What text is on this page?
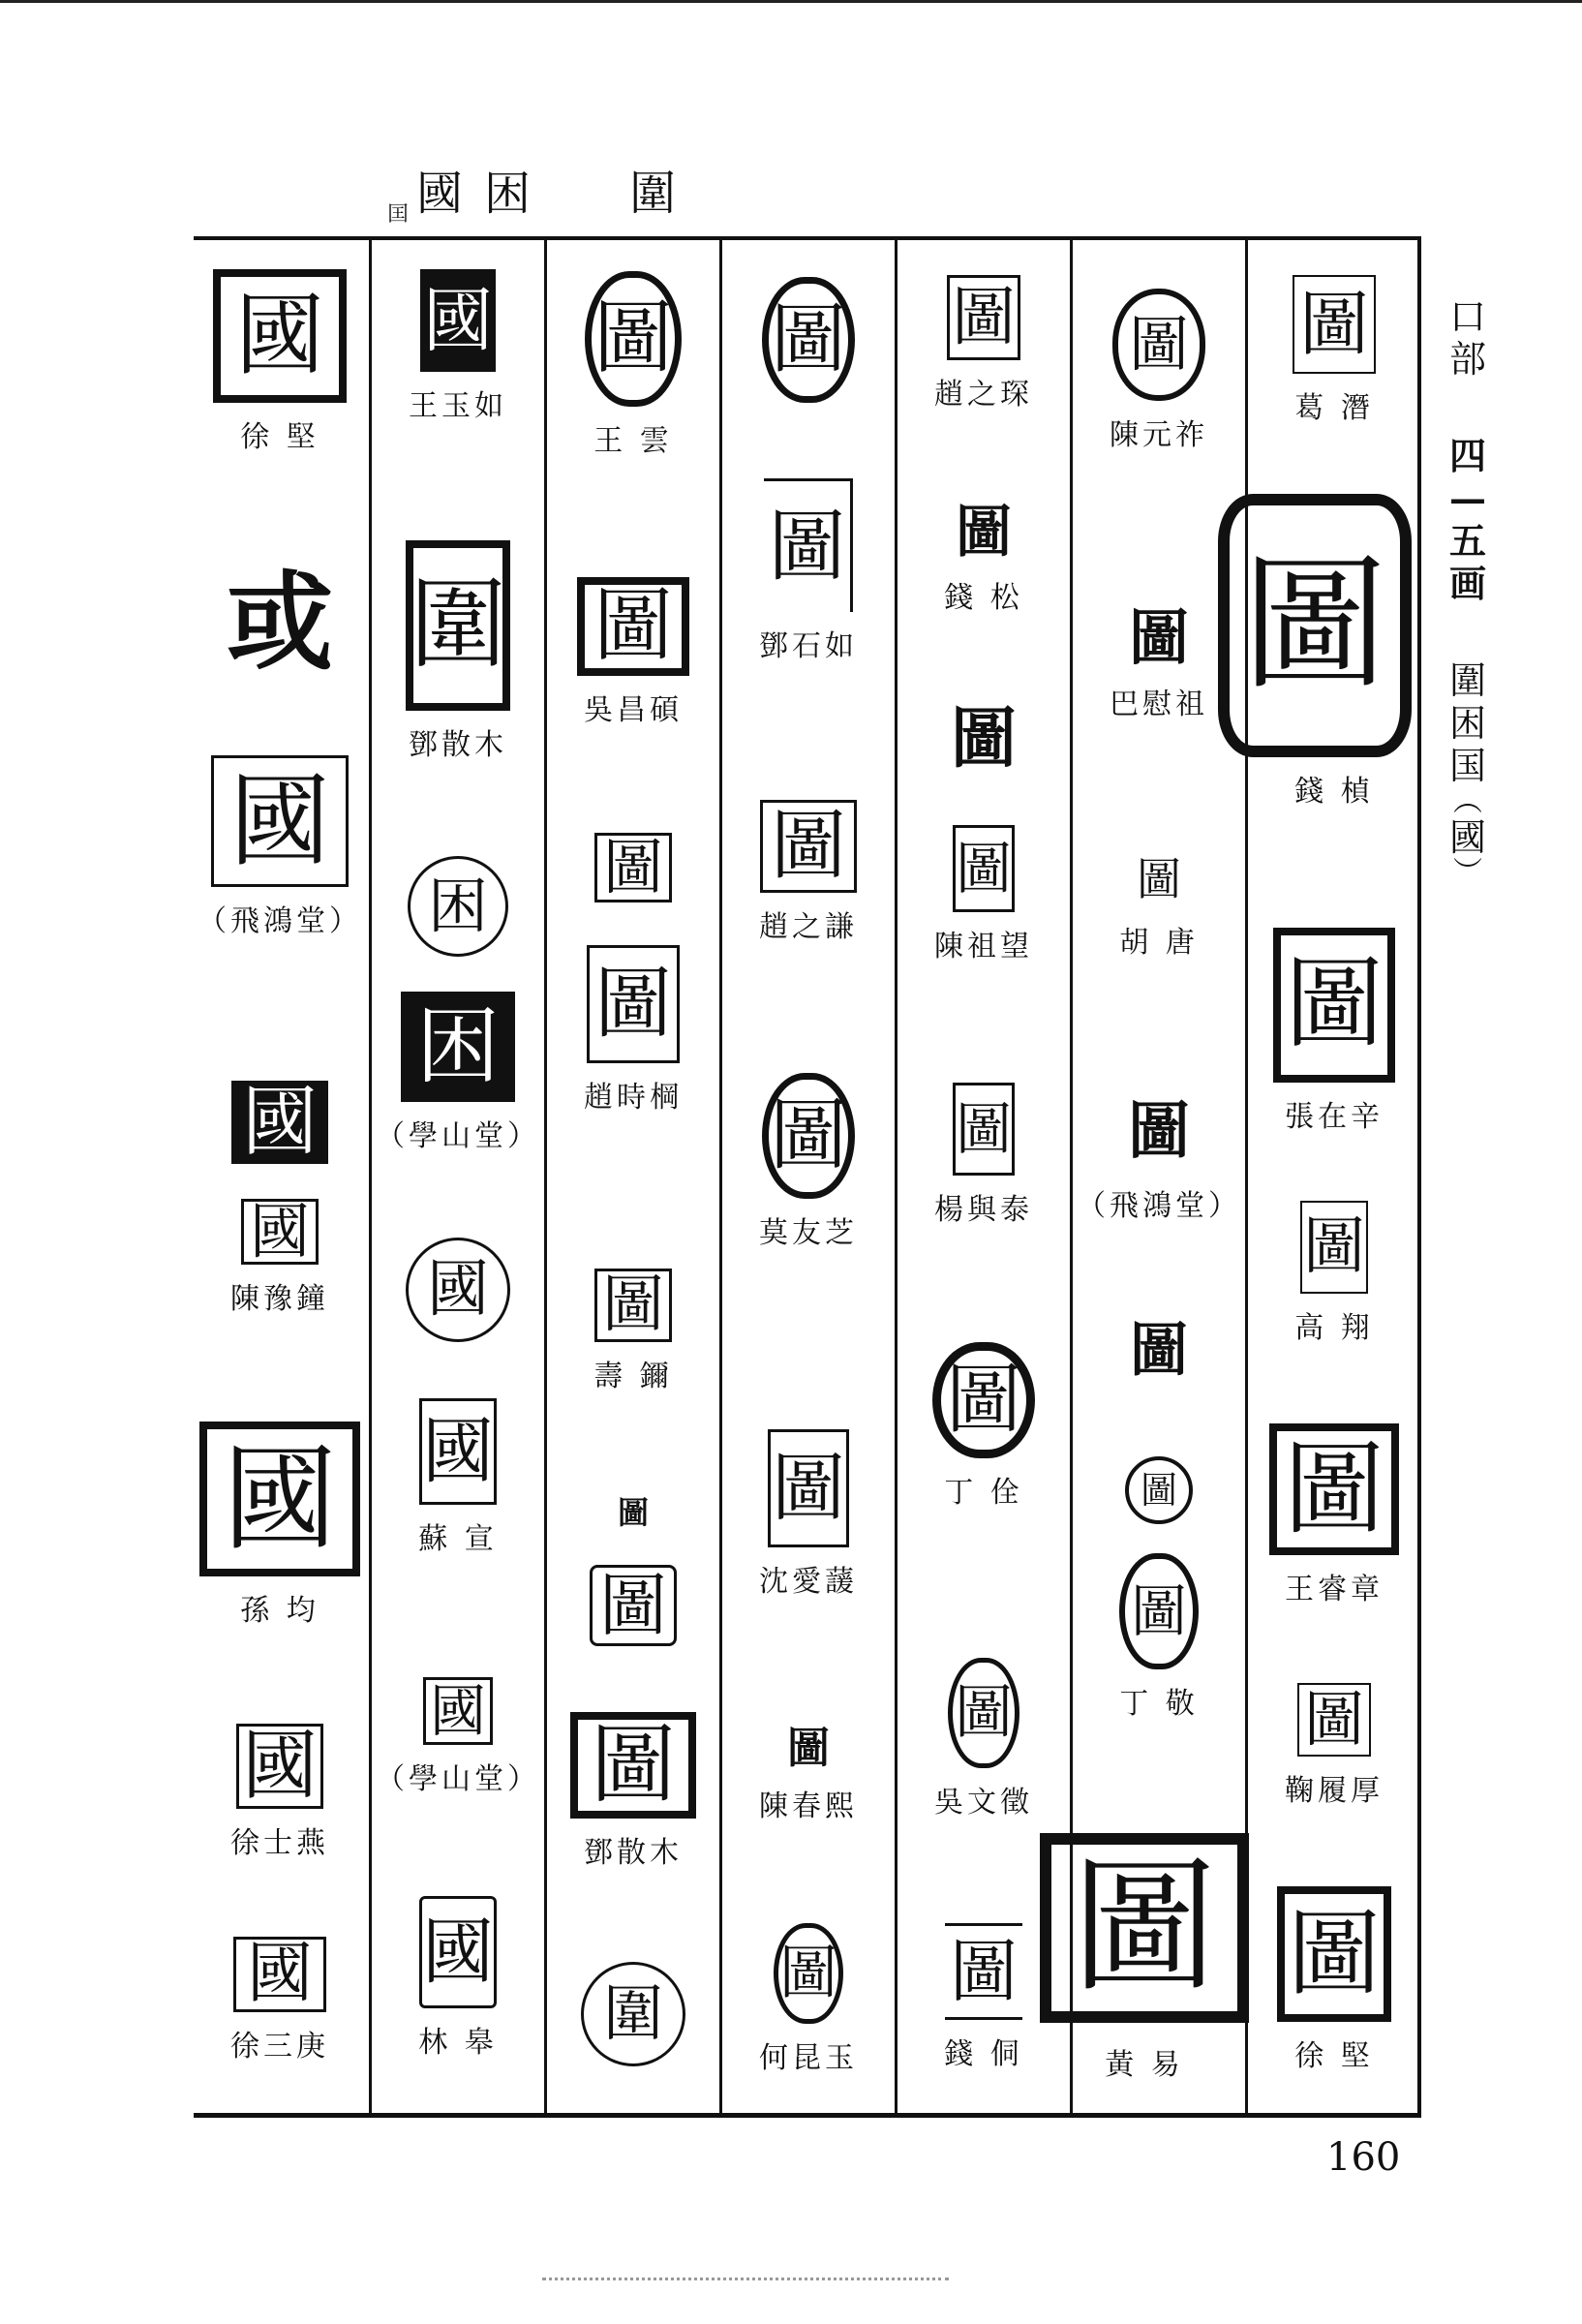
囯 國 困 圍
國
徐 堅
或
國
（飛鴻堂）
國
國
陳豫鐘
國
孫 均
國
徐士燕
國
徐三庚
國
王玉如
圍
鄧散木
困
困
（學山堂）
國
國
蘇 宣
國
（學山堂）
國
林 皋
圖
王 雲
圖
吳昌碩
圖
圖
趙時棡
圖
壽 鑈
圖
圖
圖
鄧散木
圍
圖
圖
鄧石如
圖
趙之謙
圖
莫友芝
圖
沈愛蘐
圖
陳春熙
圖
何昆玉
圖
趙之琛
圖
錢 松
圖
圖
陳祖望
圖
楊與泰
圖
丁 佺
圖
吳文徵
圖
錢 侗
圖
陳元祚
圖
巴慰祖
圖
胡 唐
圖
（飛鴻堂）
圖
圖
圖
丁 敬
圖
黃 易
圖
葛 潛
圖
錢 楨
圖
張在辛
圖
高 翔
圖
王睿章
圖
鞠履厚
圖
徐 堅
口部
四
—
五
画
圍
困
国
︵
國
︶
160
